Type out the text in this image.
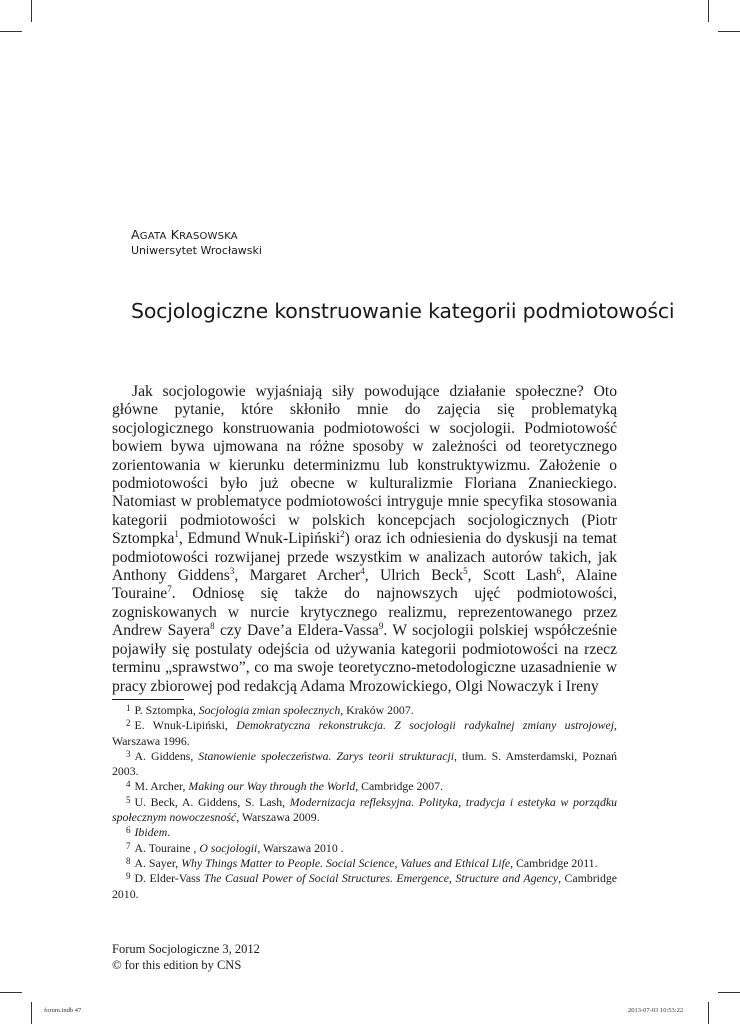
AGATA KRASOWSKA
Uniwersytet Wrocławski
Socjologiczne konstruowanie kategorii podmiotowości

Jak socjologowie wyjaśniają siły powodujące działanie społeczne? Oto główne pytanie, które skłoniło mnie do zajęcia się problematyką socjologicznego konstruowania podmiotowości w socjologii. Podmiotowość bowiem bywa ujmowana na różne sposoby w zależności od teoretycznego zorientowania w kierunku determinizmu lub konstruktywizmu. Założenie o podmiotowości było już obecne w kulturalizmie Floriana Znanieckiego. Natomiast w problematyce podmiotowości intryguje mnie specyfika stosowania kategorii podmiotowości w polskich koncepcjach socjologicznych (Piotr Sztompka$^1$, Edmund Wnuk-Lipiński$^2$) oraz ich odniesienia do dyskusji na temat podmiotowości rozwijanej przede wszystkim w analizach autorów takich, jak Anthony Giddens$^3$, Margaret Archer$^4$, Ulrich Beck$^5$, Scott Lash$^6$, Alaine Touraine$^7$. Odniosę się także do najnowszych ujęć podmiotowości, zogniskowanych w nurcie krytycznego realizmu, reprezentowanego przez Andrew Sayera$^8$ czy Dave’a Eldera-Vassa$^9$. W socjologii polskiej współcześnie pojawiły się postulaty odejścia od używania kategorii podmiotowości na rzecz terminu „sprawstwo”, co ma swoje teoretyczno-metodologiczne uzasadnienie w pracy zbiorowej pod redakcją Adama Mrozowickiego, Olgi Nowaczyk i Ireny

$^1$ P. Sztompka, Socjologia zmian społecznych, Kraków 2007.

$^2$ E. Wnuk-Lipiński, Demokratyczna rekonstrukcja. Z socjologii radykalnej zmiany ustrojowej, Warszawa 1996.

$^3$ A. Giddens, Stanowienie społeczeństwa. Zarys teorii strukturacji, tłum. S. Amsterdamski, Poznań 2003.

$^4$ M. Archer, Making our Way through the World, Cambridge 2007.

$^5$ U. Beck, A. Giddens, S. Lash, Modernizacja refleksyjna. Polityka, tradycja i estetyka w porządku społecznym nowoczesność, Warszawa 2009.

$^6$ Ibidem.

$^7$ A. Touraine , O socjologii, Warszawa 2010 .

$^8$ A. Sayer, Why Things Matter to People. Social Science, Values and Ethical Life, Cambridge 2011.

$^9$ D. Elder-Vass The Casual Power of Social Structures. Emergence, Structure and Agency, Cambridge 2010.

Forum Socjologiczne 3, 2012
© for this edition by CNS
forum.indb 47	2013-07-03 10:53:22
